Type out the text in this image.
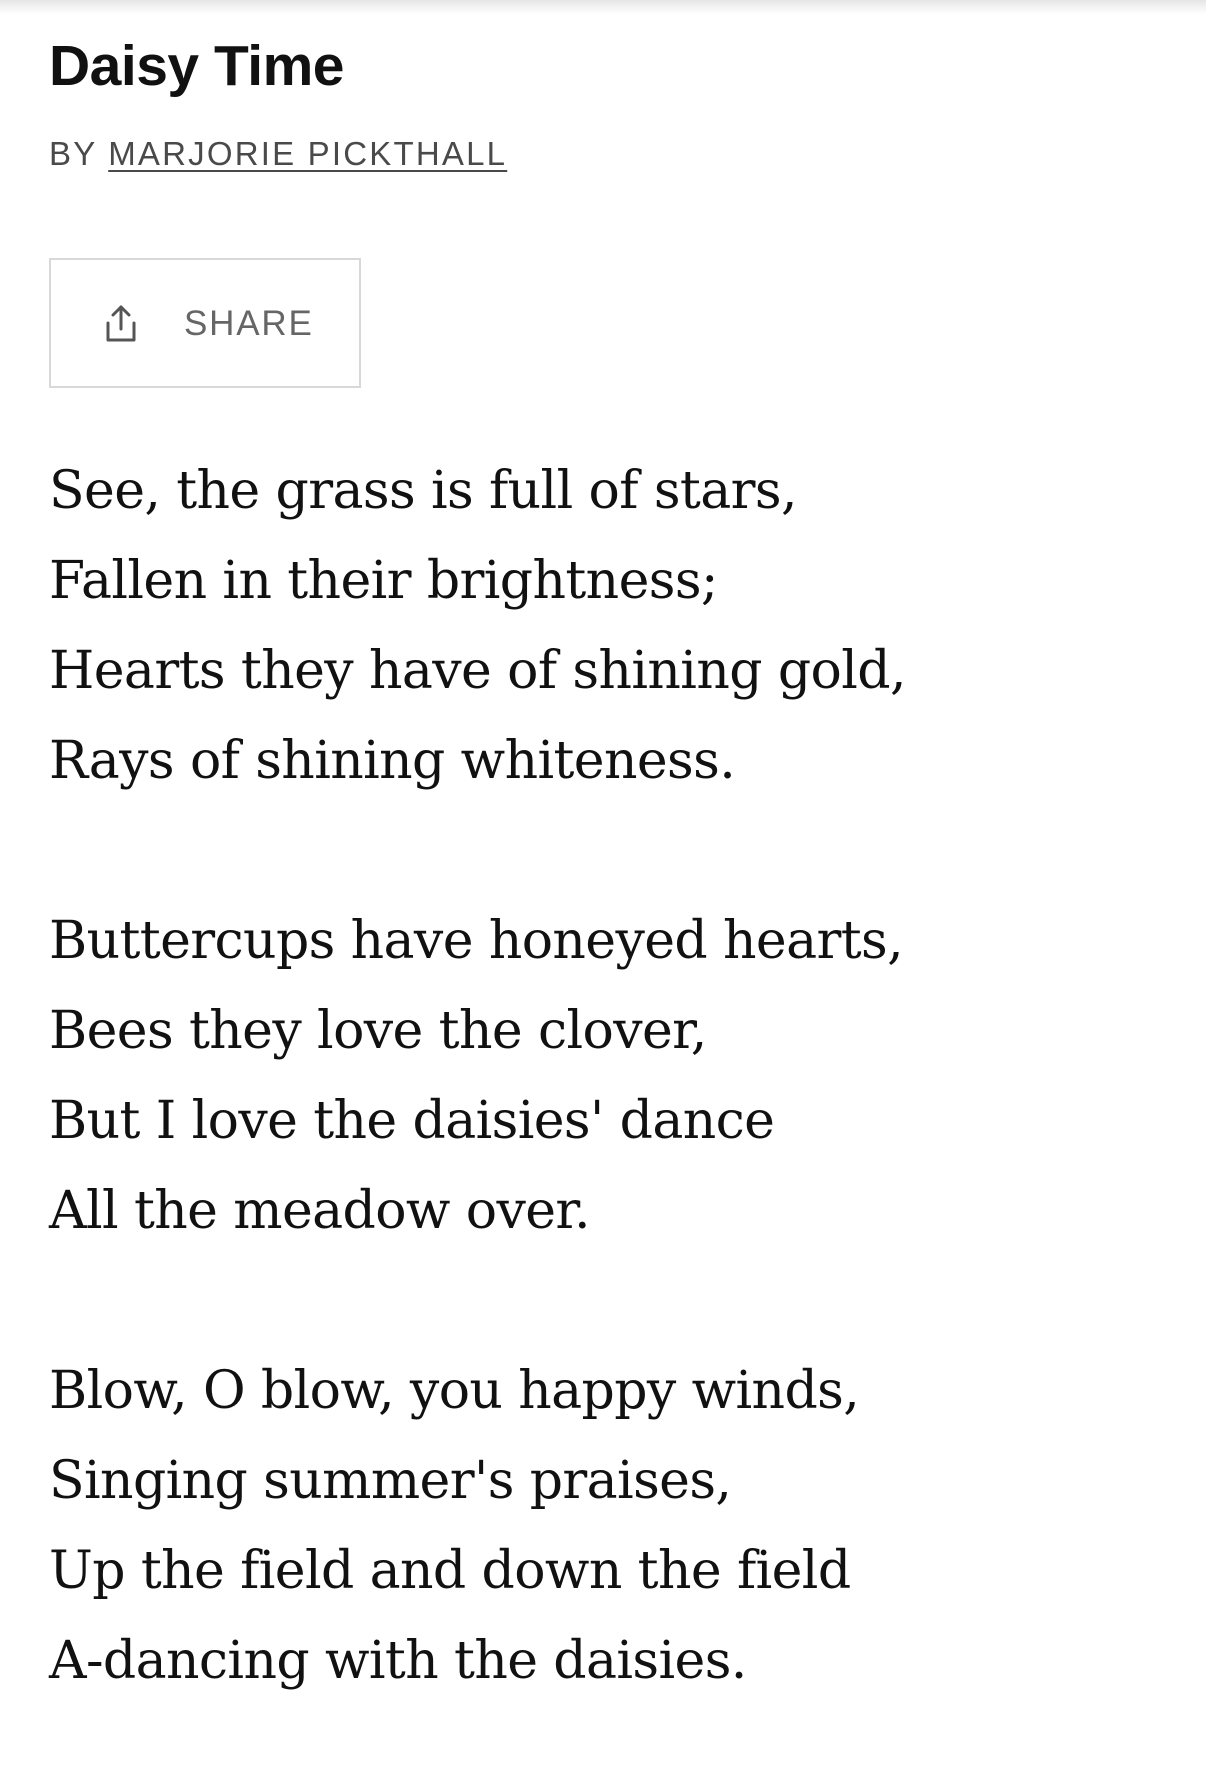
Daisy Time
BY MARJORIE PICKTHALL
SHARE
See, the grass is full of stars,
Fallen in their brightness;
Hearts they have of shining gold,
Rays of shining whiteness.
Buttercups have honeyed hearts,
Bees they love the clover,
But I love the daisies' dance
All the meadow over.
Blow, O blow, you happy winds,
Singing summer's praises,
Up the field and down the field
A-dancing with the daisies.
